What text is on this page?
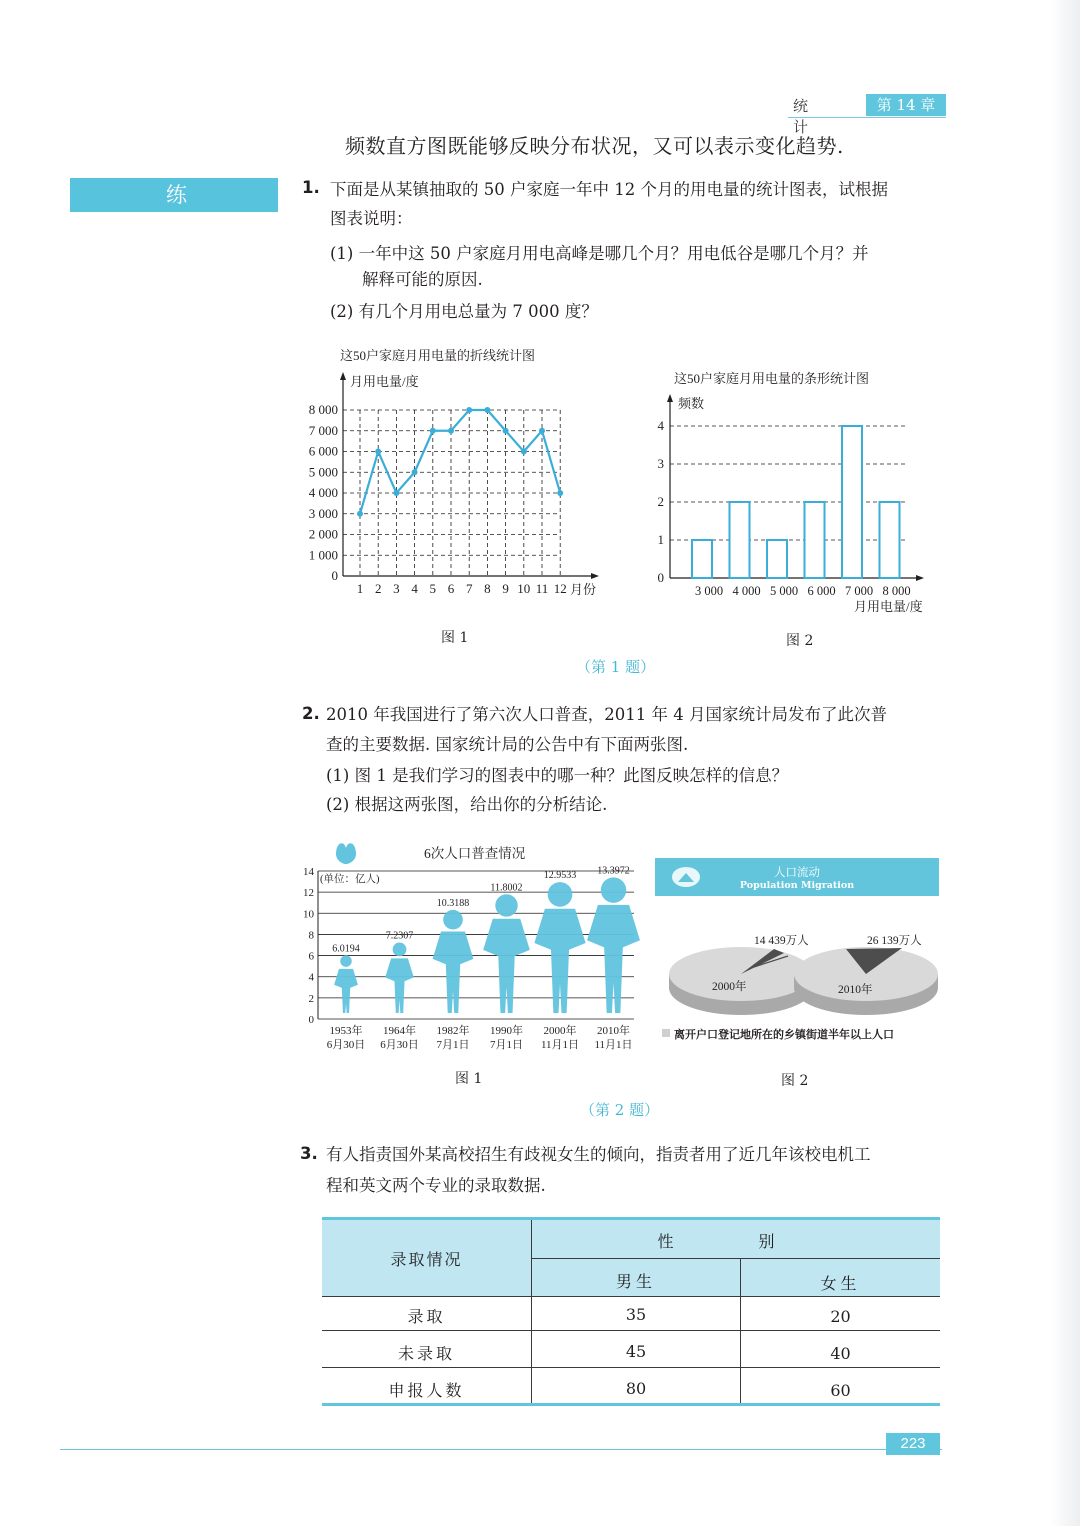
统 计
第 14 章
频数直方图既能够反映分布状况，又可以表示变化趋势.
练 习
1. 下面是从某镇抽取的 50 户家庭一年中 12 个月的用电量的统计图表，试根据
图表说明：
(1) 一年中这 50 户家庭月用电高峰是哪几个月？用电低谷是哪几个月？并
解释可能的原因.
(2) 有几个月用电总量为 7 000 度？
这50户家庭月用电量的折线统计图
月用电量/度
月份
0
1 000
2 000
3 000
4 000
5 000
6 000
7 000
8 000
1 2 3 4 5 6 7 8 9 10 11 12
这50户家庭月用电量的条形统计图
频数
月用电量/度
0
1
2
3
4
3 000 4 000 5 000 6 000 7 000 8 000
图 1	图 2
（第 1 题）
2. 2010 年我国进行了第六次人口普查，2011 年 4 月国家统计局发布了此次普
查的主要数据. 国家统计局的公告中有下面两张图.
(1) 图 1 是我们学习的图表中的哪一种？此图反映怎样的信息？
(2) 根据这两张图，给出你的分析结论.
6次人口普查情况
(单位：亿人)
0
2
4
6
8
10
12
14
6.0194
1953年
6月30日
7.2307
1964年
6月30日
10.3188
1982年
7月1日
11.8002
1990年
7月1日
12.9533
2000年
11月1日
13.3972
2010年
11月1日
人口流动
Population Migration
14 439万人	26 139万人
2000年	2010年
离开户口登记地所在的乡镇街道半年以上人口
图 1	图 2
（第 2 题）
3. 有人指责国外某高校招生有歧视女生的倾向，指责者用了近几年该校电机工
程和英文两个专业的录取数据.
录取情况
性 别
男生	女生
录取	35	20
未录取	45	40
申报人数	80	60
223
